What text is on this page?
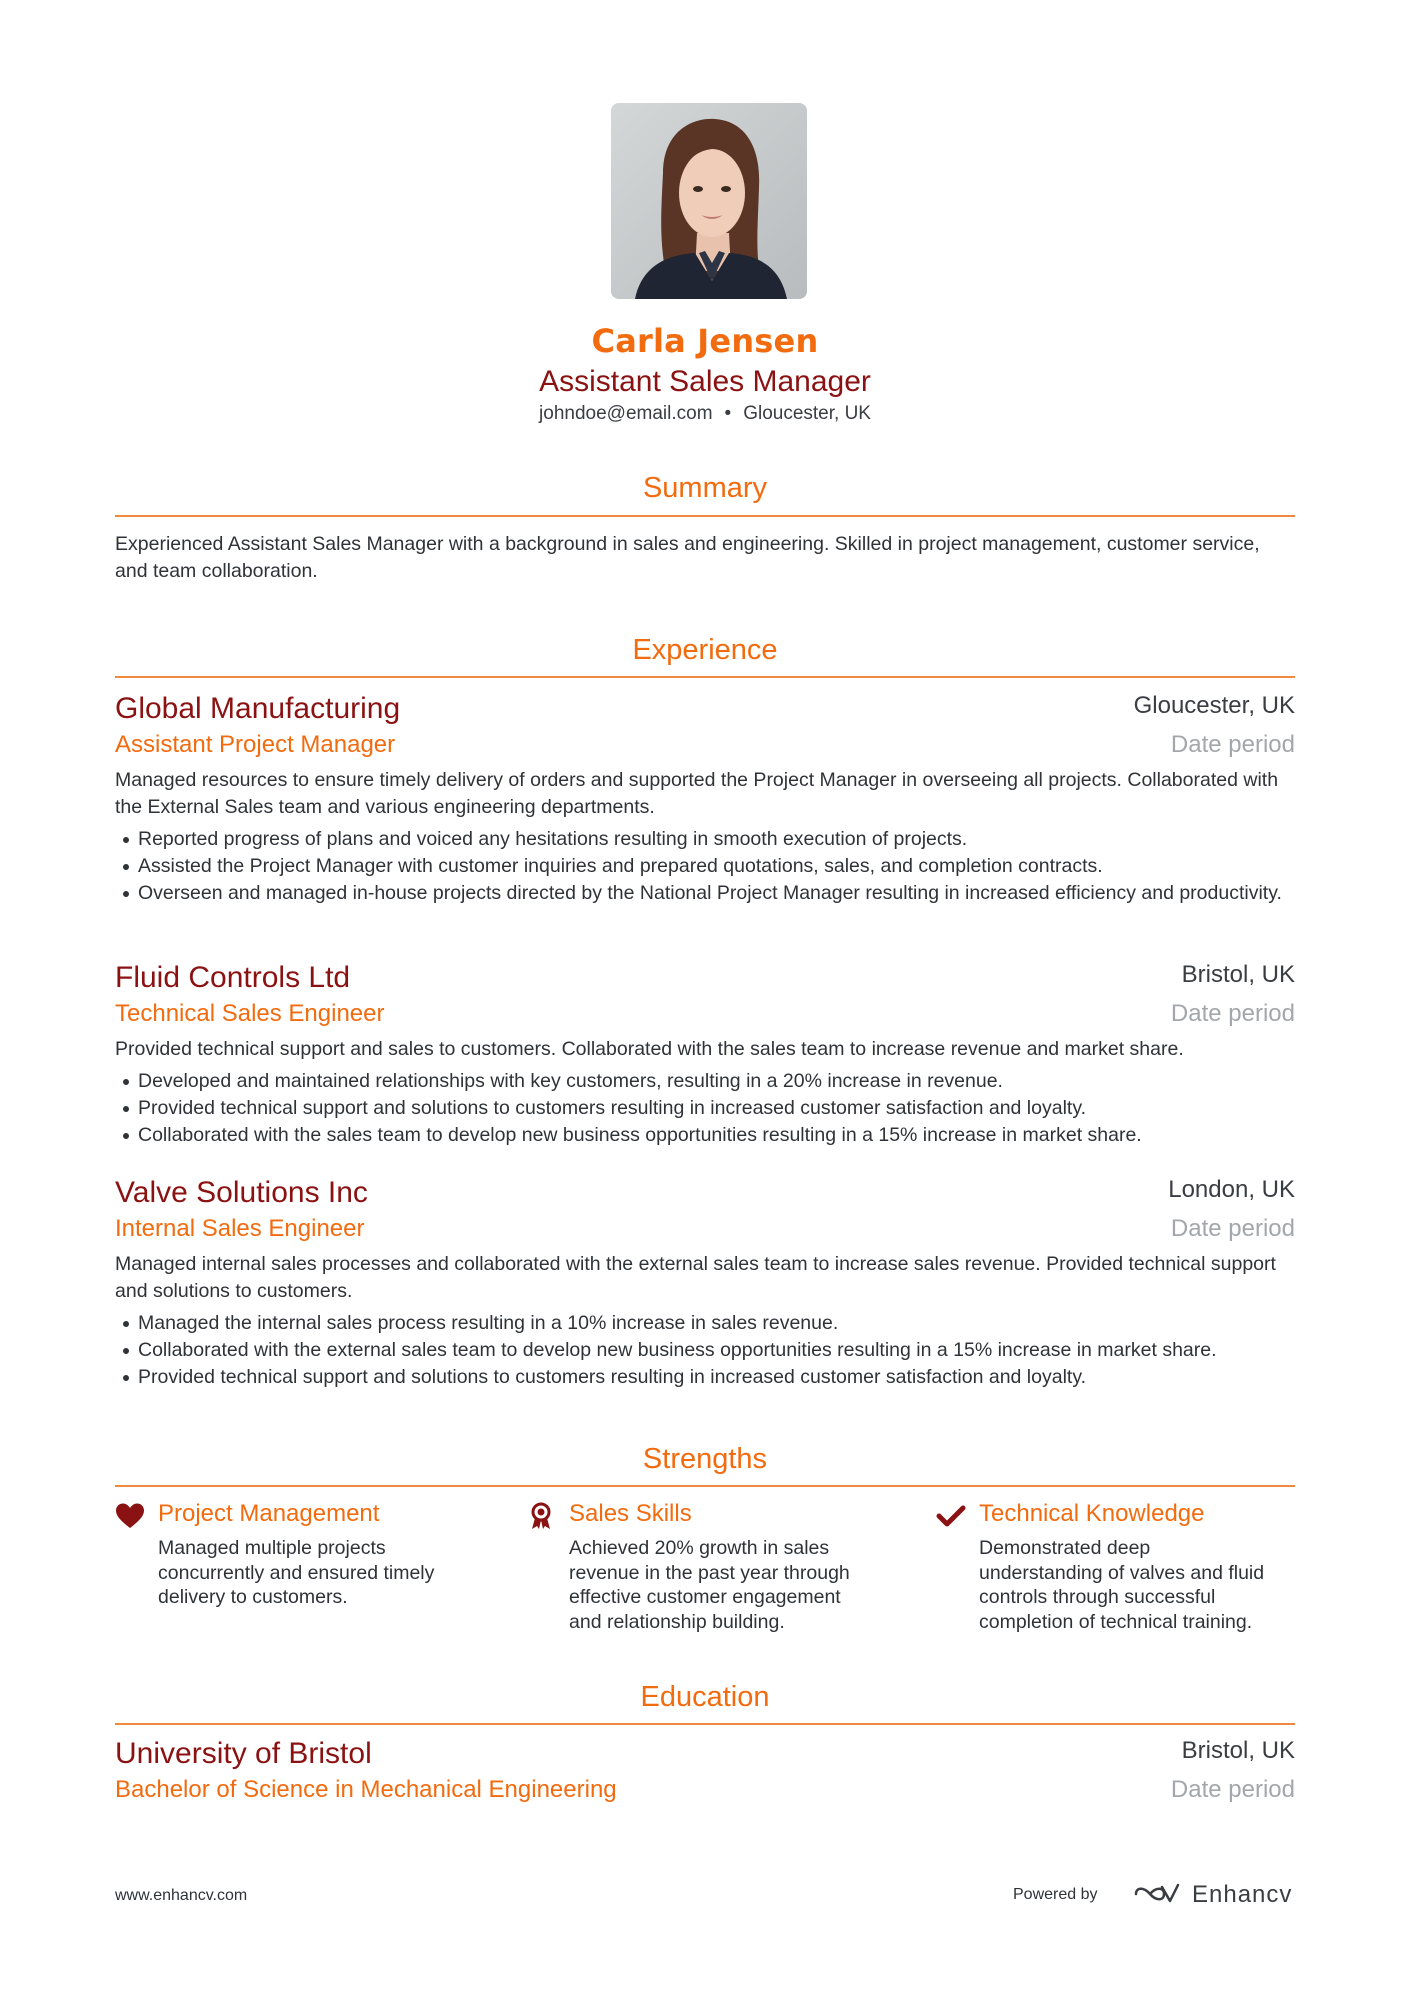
Carla Jensen
Assistant Sales Manager
johndoe@email.com • Gloucester, UK
Summary
Experienced Assistant Sales Manager with a background in sales and engineering. Skilled in project management, customer service, and team collaboration.
Experience
Global Manufacturing	Gloucester, UK
Assistant Project Manager	Date period
Managed resources to ensure timely delivery of orders and supported the Project Manager in overseeing all projects. Collaborated with the External Sales team and various engineering departments.
Reported progress of plans and voiced any hesitations resulting in smooth execution of projects.
Assisted the Project Manager with customer inquiries and prepared quotations, sales, and completion contracts.
Overseen and managed in-house projects directed by the National Project Manager resulting in increased efficiency and productivity.
Fluid Controls Ltd	Bristol, UK
Technical Sales Engineer	Date period
Provided technical support and sales to customers. Collaborated with the sales team to increase revenue and market share.
Developed and maintained relationships with key customers, resulting in a 20% increase in revenue.
Provided technical support and solutions to customers resulting in increased customer satisfaction and loyalty.
Collaborated with the sales team to develop new business opportunities resulting in a 15% increase in market share.
Valve Solutions Inc	London, UK
Internal Sales Engineer	Date period
Managed internal sales processes and collaborated with the external sales team to increase sales revenue. Provided technical support and solutions to customers.
Managed the internal sales process resulting in a 10% increase in sales revenue.
Collaborated with the external sales team to develop new business opportunities resulting in a 15% increase in market share.
Provided technical support and solutions to customers resulting in increased customer satisfaction and loyalty.
Strengths
Project Management
Managed multiple projects concurrently and ensured timely delivery to customers.
Sales Skills
Achieved 20% growth in sales revenue in the past year through effective customer engagement and relationship building.
Technical Knowledge
Demonstrated deep understanding of valves and fluid controls through successful completion of technical training.
Education
University of Bristol	Bristol, UK
Bachelor of Science in Mechanical Engineering	Date period
www.enhancv.com	Powered by	Enhancv
